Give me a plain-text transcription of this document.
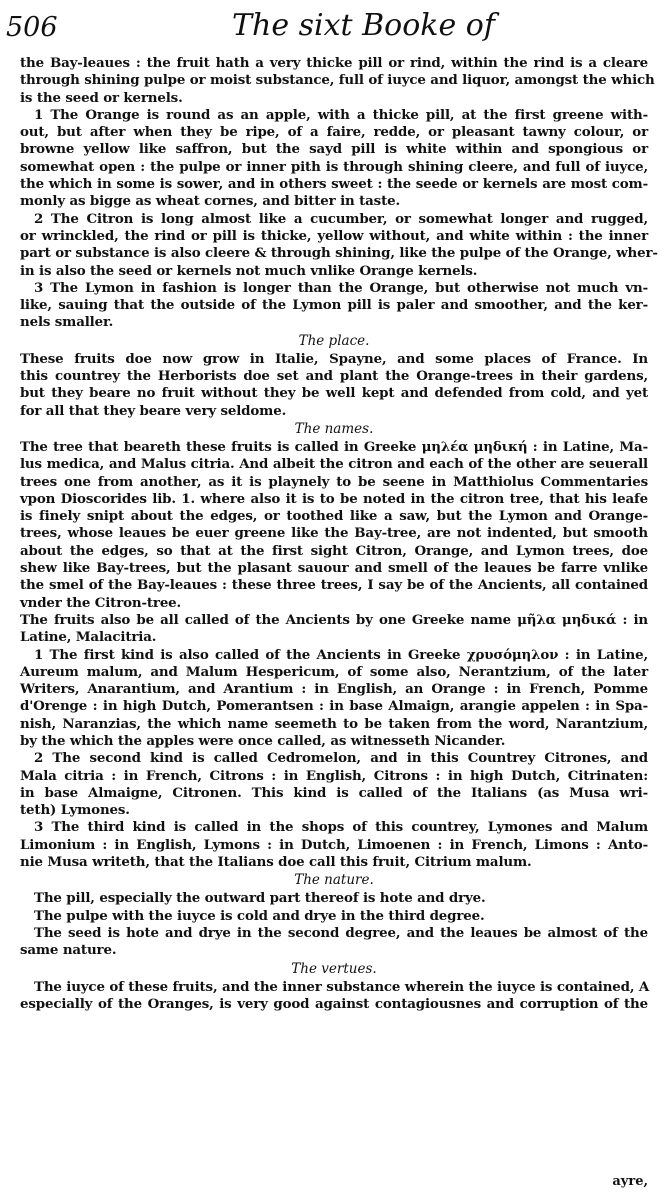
506	The sixt Booke of
the Bay-leaues : the fruit hath a very thicke pill or rind, within the rind is a cleare
through shining pulpe or moist substance, full of iuyce and liquor, amongst the which
is the seed or kernels.
1 The Orange is round as an apple, with a thicke pill, at the first greene with-
out, but after when they be ripe, of a faire, redde, or pleasant tawny colour, or
browne yellow like saffron, but the sayd pill is white within and spongious or
somewhat open : the pulpe or inner pith is through shining cleere, and full of iuyce,
the which in some is sower, and in others sweet : the seede or kernels are most com-
monly as bigge as wheat cornes, and bitter in taste.
2 The Citron is long almost like a cucumber, or somewhat longer and rugged,
or wrinckled, the rind or pill is thicke, yellow without, and white within : the inner
part or substance is also cleere & through shining, like the pulpe of the Orange, wher-
in is also the seed or kernels not much vnlike Orange kernels.
3 The Lymon in fashion is longer than the Orange, but otherwise not much vn-
like, sauing that the outside of the Lymon pill is paler and smoother, and the ker-
nels smaller.
The place.
These fruits doe now grow in Italie, Spayne, and some places of France. In
this countrey the Herborists doe set and plant the Orange-trees in their gardens,
but they beare no fruit without they be well kept and defended from cold, and yet
for all that they beare very seldome.
The names.
The tree that beareth these fruits is called in Greeke μηλέα μηδική : in Latine, Ma-
lus medica, and Malus citria. And albeit the citron and each of the other are seuerall
trees one from another, as it is playnely to be seene in Matthiolus Commentaries
vpon Dioscorides lib. 1. where also it is to be noted in the citron tree, that his leafe
is finely snipt about the edges, or toothed like a saw, but the Lymon and Orange-
trees, whose leaues be euer greene like the Bay-tree, are not indented, but smooth
about the edges, so that at the first sight Citron, Orange, and Lymon trees, doe
shew like Bay-trees, but the plasant sauour and smell of the leaues be farre vnlike
the smel of the Bay-leaues : these three trees, I say be of the Ancients, all contained
vnder the Citron-tree.
The fruits also be all called of the Ancients by one Greeke name μῆλα μηδικά : in
Latine, Malacitria.
1 The first kind is also called of the Ancients in Greeke χρυσόμηλον : in Latine,
Aureum malum, and Malum Hespericum, of some also, Nerantzium, of the later
Writers, Anarantium, and Arantium : in English, an Orange : in French, Pomme
d'Orenge : in high Dutch, Pomerantsen : in base Almaign, arangie appelen : in Spa-
nish, Naranzias, the which name seemeth to be taken from the word, Narantzium,
by the which the apples were once called, as witnesseth Nicander.
2 The second kind is called Cedromelon, and in this Countrey Citrones, and
Mala citria : in French, Citrons : in English, Citrons : in high Dutch, Citrinaten:
in base Almaigne, Citronen. This kind is called of the Italians (as Musa wri-
teth) Lymones.
3 The third kind is called in the shops of this countrey, Lymones and Malum
Limonium : in English, Lymons : in Dutch, Limoenen : in French, Limons : Anto-
nie Musa writeth, that the Italians doe call this fruit, Citrium malum.
The nature.
The pill, especially the outward part thereof is hote and drye.
The pulpe with the iuyce is cold and drye in the third degree.
The seed is hote and drye in the second degree, and the leaues be almost of the
same nature.
The vertues.
The iuyce of these fruits, and the inner substance wherein the iuyce is contained, A
especially of the Oranges, is very good against contagiousnes and corruption of the
ayre,
